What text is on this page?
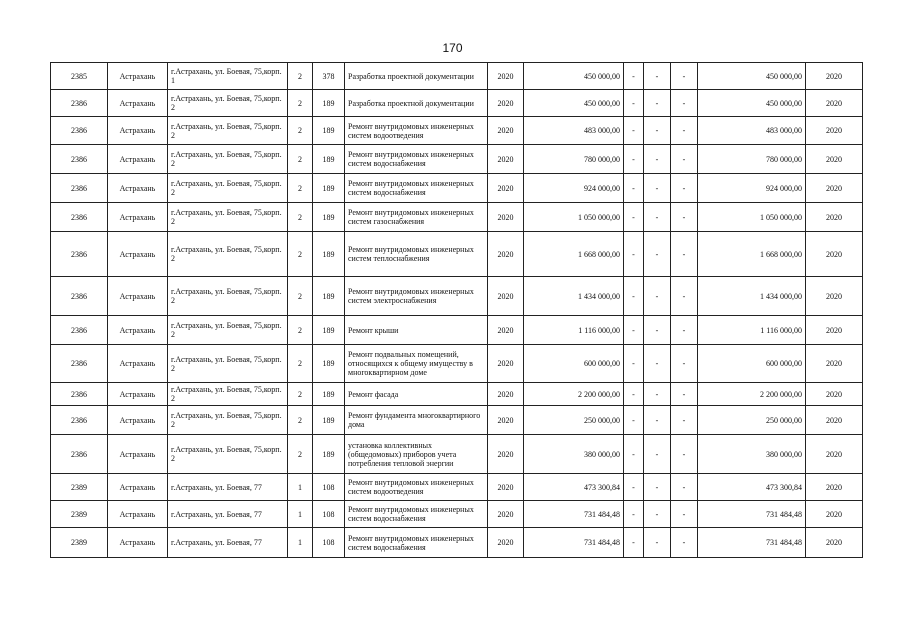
170
2385	Астрахань	г.Астрахань, ул. Боевая, 75,корп. 1	2	378	Разработка проектной документации	2020	450 000,00	-	-	-	450 000,00	2020
2386	Астрахань	г.Астрахань, ул. Боевая, 75,корп. 2	2	189	Разработка проектной документации	2020	450 000,00	-	-	-	450 000,00	2020
2386	Астрахань	г.Астрахань, ул. Боевая, 75,корп. 2	2	189	Ремонт внутридомовых инженерных систем водоотведения	2020	483 000,00	-	-	-	483 000,00	2020
2386	Астрахань	г.Астрахань, ул. Боевая, 75,корп. 2	2	189	Ремонт внутридомовых инженерных систем водоснабжения	2020	780 000,00	-	-	-	780 000,00	2020
2386	Астрахань	г.Астрахань, ул. Боевая, 75,корп. 2	2	189	Ремонт внутридомовых инженерных систем водоснабжения	2020	924 000,00	-	-	-	924 000,00	2020
2386	Астрахань	г.Астрахань, ул. Боевая, 75,корп. 2	2	189	Ремонт внутридомовых инженерных систем газоснабжения	2020	1 050 000,00	-	-	-	1 050 000,00	2020
2386	Астрахань	г.Астрахань, ул. Боевая, 75,корп. 2	2	189	Ремонт внутридомовых инженерных систем теплоснабжения	2020	1 668 000,00	-	-	-	1 668 000,00	2020
2386	Астрахань	г.Астрахань, ул. Боевая, 75,корп. 2	2	189	Ремонт внутридомовых инженерных систем электроснабжения	2020	1 434 000,00	-	-	-	1 434 000,00	2020
2386	Астрахань	г.Астрахань, ул. Боевая, 75,корп. 2	2	189	Ремонт крыши	2020	1 116 000,00	-	-	-	1 116 000,00	2020
2386	Астрахань	г.Астрахань, ул. Боевая, 75,корп. 2	2	189	Ремонт подвальных помещений, относящихся к общему имуществу в многоквартирном доме	2020	600 000,00	-	-	-	600 000,00	2020
2386	Астрахань	г.Астрахань, ул. Боевая, 75,корп. 2	2	189	Ремонт фасада	2020	2 200 000,00	-	-	-	2 200 000,00	2020
2386	Астрахань	г.Астрахань, ул. Боевая, 75,корп. 2	2	189	Ремонт фундамента многоквартирного дома	2020	250 000,00	-	-	-	250 000,00	2020
2386	Астрахань	г.Астрахань, ул. Боевая, 75,корп. 2	2	189	установка коллективных (общедомовых) приборов учета потребления тепловой энергии	2020	380 000,00	-	-	-	380 000,00	2020
2389	Астрахань	г.Астрахань, ул. Боевая, 77	1	108	Ремонт внутридомовых инженерных систем водоотведения	2020	473 300,84	-	-	-	473 300,84	2020
2389	Астрахань	г.Астрахань, ул. Боевая, 77	1	108	Ремонт внутридомовых инженерных систем водоснабжения	2020	731 484,48	-	-	-	731 484,48	2020
2389	Астрахань	г.Астрахань, ул. Боевая, 77	1	108	Ремонт внутридомовых инженерных систем водоснабжения	2020	731 484,48	-	-	-	731 484,48	2020
